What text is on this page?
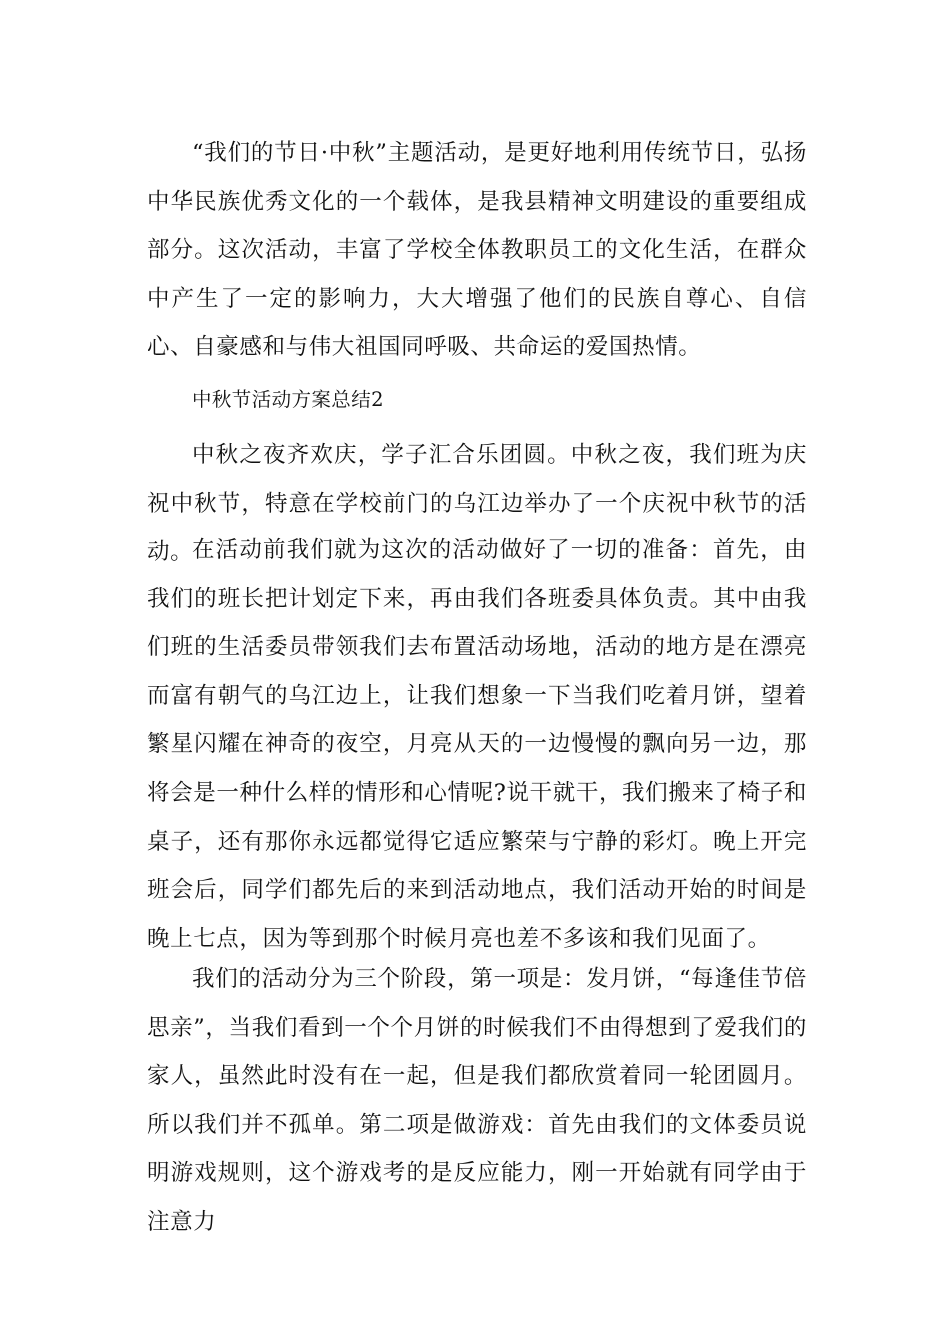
“我们的节日·中秋”主题活动，是更好地利用传统节日，弘扬中华民族优秀文化的一个载体，是我县精神文明建设的重要组成部分。这次活动，丰富了学校全体教职员工的文化生活，在群众中产生了一定的影响力，大大增强了他们的民族自尊心、自信心、自豪感和与伟大祖国同呼吸、共命运的爱国热情。

中秋节活动方案总结2

中秋之夜齐欢庆，学子汇合乐团圆。中秋之夜，我们班为庆祝中秋节，特意在学校前门的乌江边举办了一个庆祝中秋节的活动。

在活动前我们就为这次的活动做好了一切的准备：首先，由我们的班长把计划定下来，再由我们各班委具体负责。其中由我们班的生活委员带领我们去布置活动场地，活动的地方是在漂亮而富有朝气的乌江边上，让我们想象一下当我们吃着月饼，望着繁星闪耀在神奇的夜空，月亮从天的一边慢慢的飘向另一边，那将会是一种什么样的情形和心情呢?说干就干，我们搬来了椅子和桌子，还有那你永远都觉得它适应繁荣与宁静的彩灯。晚上开完班会后，同学们都先后的来到活动地点，我们活动开始的时间是晚上七点，因为等到那个时候月亮也差不多该和我们见面了。

我们的活动分为三个阶段，第一项是：发月饼，“每逢佳节倍思亲”，当我们看到一个个月饼的时候我们不由得想到了爱我们的家人，虽然此时没有在一起，但是我们都欣赏着同一轮团圆月。所以我们并不孤单。第二项是做游戏：首先由我们的文体委员说明游戏规则，这个游戏考的是反应能力，刚一开始就有同学由于注意力
